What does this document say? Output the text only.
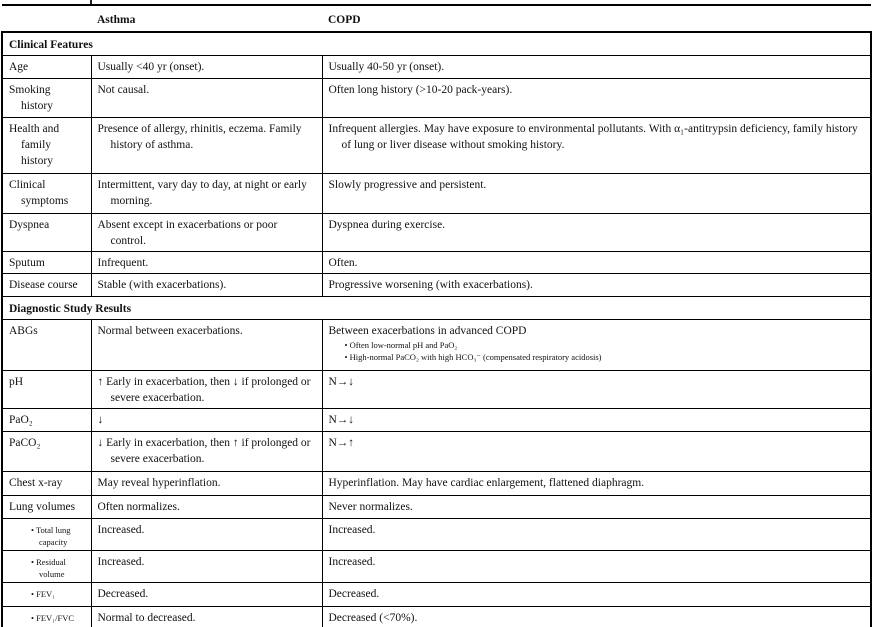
	Asthma	COPD
Clinical Features		

Age	Usually <40 yr (onset).	Usually 40-50 yr (onset).

Smoking history	Not causal.	Often long history (>10-20 pack-years).

Health and family history	Presence of allergy, rhinitis, eczema. Family history of asthma.	Infrequent allergies. May have exposure to environmental pollutants. With α₁-antitrypsin deficiency, family history of lung or liver disease without smoking history.

Clinical symptoms	Intermittent, vary day to day, at night or early morning.	Slowly progressive and persistent.

Dyspnea	Absent except in exacerbations or poor control.	Dyspnea during exercise.

Sputum	Infrequent.	Often.

Disease course	Stable (with exacerbations).	Progressive worsening (with exacerbations).

Diagnostic Study Results		

ABGs	Normal between exacerbations.	Between exacerbations in advanced COPD
• Often low-normal pH and PaO₂
• High-normal PaCO₂ with high HCO₃⁻ (compensated respiratory acidosis)

pH	↑ Early in exacerbation, then ↓ if prolonged or severe exacerbation.	N→↓

PaO₂	↓	N→↓

PaCO₂	↓ Early in exacerbation, then ↑ if prolonged or severe exacerbation.	N→↑

Chest x-ray	May reveal hyperinflation.	Hyperinflation. May have cardiac enlargement, flattened diaphragm.

Lung volumes	Often normalizes.	Never normalizes.

• Total lung capacity	Increased.	Increased.

• Residual volume	Increased.	Increased.

• FEV₁	Decreased.	Decreased.

• FEV₁/FVC	Normal to decreased.	Decreased (<70%).
